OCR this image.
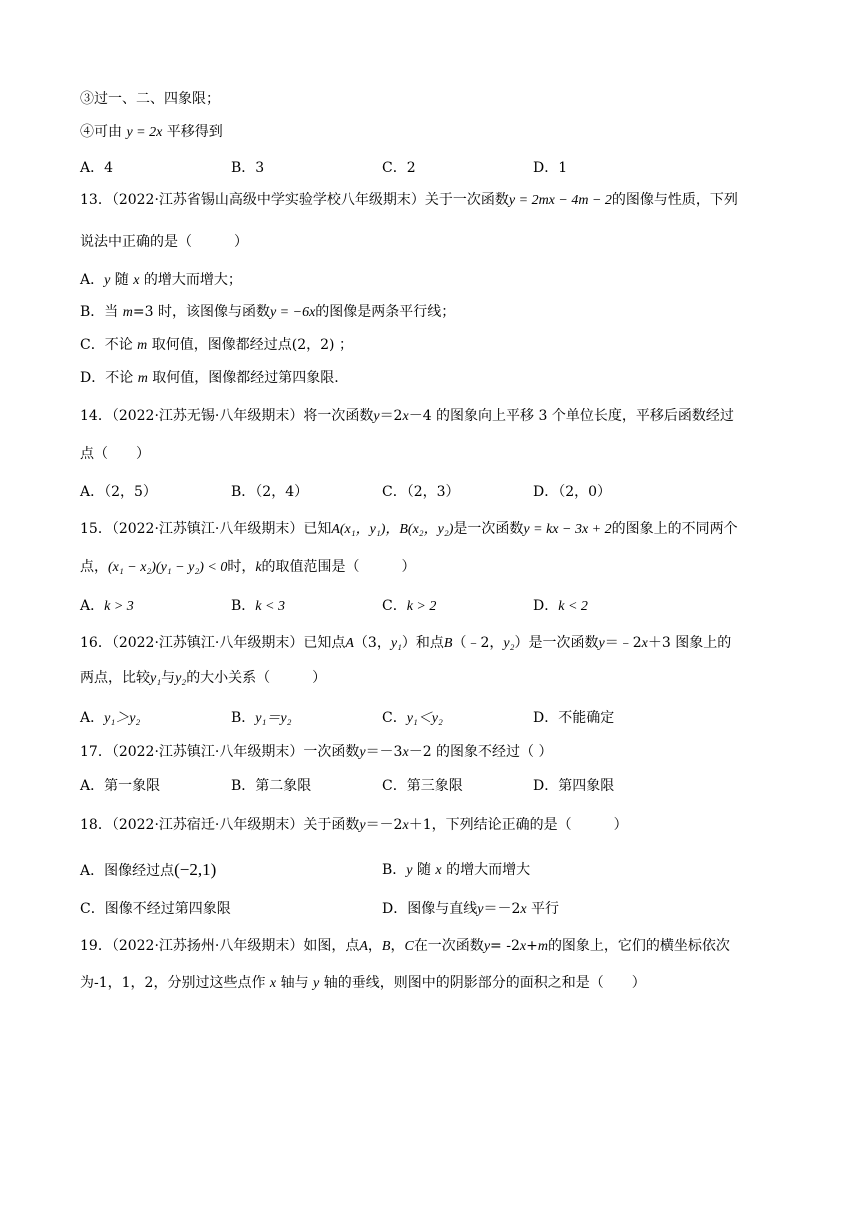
③过一、二、四象限；
④可由 y = 2x 平移得到
A．4	B．3	C．2	D．1
13．（2022·江苏省锡山高级中学实验学校八年级期末）关于一次函数y = 2mx − 4m − 2的图像与性质，下列
说法中正确的是（　　　）
A．y 随 x 的增大而增大；
B．当 m=3 时，该图像与函数y = −6x的图像是两条平行线；
C．不论 m 取何值，图像都经过点(2，2) ；
D．不论 m 取何值，图像都经过第四象限.
14．（2022·江苏无锡·八年级期末）将一次函数y＝2x－4 的图象向上平移 3 个单位长度，平移后函数经过
点（　　）
A．（2，5）	B．（2，4）	C．（2，3）	D．（2，0）
15．（2022·江苏镇江·八年级期末）已知A(x₁，y₁)，B(x₂，y₂)是一次函数y = kx − 3x + 2的图象上的不同两个
点，(x₁ − x₂)(y₁ − y₂) < 0时，k的取值范围是（　　　）
A．k > 3	B．k < 3	C．k > 2	D．k < 2
16．（2022·江苏镇江·八年级期末）已知点A（3，y₁）和点B（﹣2，y₂）是一次函数y＝﹣2x＋3 图象上的
两点，比较y₁与y₂的大小关系（　　　）
A．y₁＞y₂	B．y₁＝y₂	C．y₁＜y₂	D．不能确定
17．（2022·江苏镇江·八年级期末）一次函数y＝－3x－2 的图象不经过（ ）
A．第一象限	B．第二象限	C．第三象限	D．第四象限
18．（2022·江苏宿迁·八年级期末）关于函数y＝－2x＋1，下列结论正确的是（　　　）
A．图像经过点(−2,1)	B．y 随 x 的增大而增大
C．图像不经过第四象限	D．图像与直线y＝－2x 平行
19．（2022·江苏扬州·八年级期末）如图，点A，B，C在一次函数y= -2x+m的图象上，它们的横坐标依次
为-1，1，2，分别过这些点作 x 轴与 y 轴的垂线，则图中的阴影部分的面积之和是（　　）
